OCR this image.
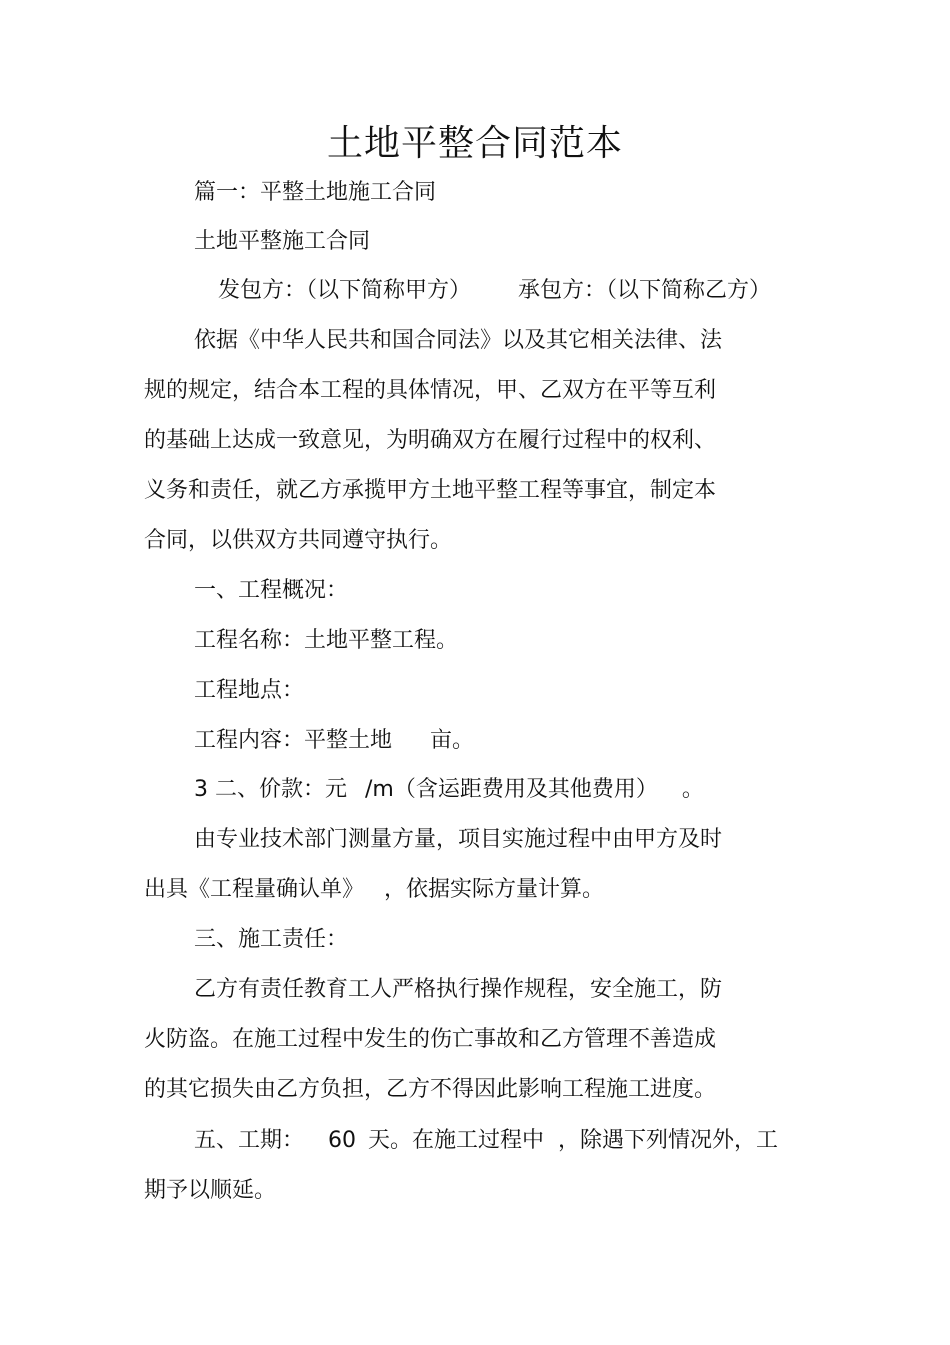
土地平整合同范本
篇一：平整土地施工合同
土地平整施工合同
发包方：（以下简称甲方） 承包方：（以下简称乙方）
依据《中华人民共和国合同法》以及其它相关法律、法
规的规定，结合本工程的具体情况，甲、乙双方在平等互利
的基础上达成一致意见，为明确双方在履行过程中的权利、
义务和责任，就乙方承揽甲方土地平整工程等事宜，制定本
合同，以供双方共同遵守执行。
一、工程概况：
工程名称：土地平整工程。
工程地点：
工程内容：平整土地 亩。
3 二、价款：元 /m（含运距费用及其他费用） 。
由专业技术部门测量方量，项目实施过程中由甲方及时
出具《工程量确认单》 ，依据实际方量计算。
三、施工责任：
乙方有责任教育工人严格执行操作规程，安全施工，防
火防盗。在施工过程中发生的伤亡事故和乙方管理不善造成
的其它损失由乙方负担，乙方不得因此影响工程施工进度。
五、工期： 60 天。在施工过程中 ，除遇下列情况外，工
期予以顺延。
